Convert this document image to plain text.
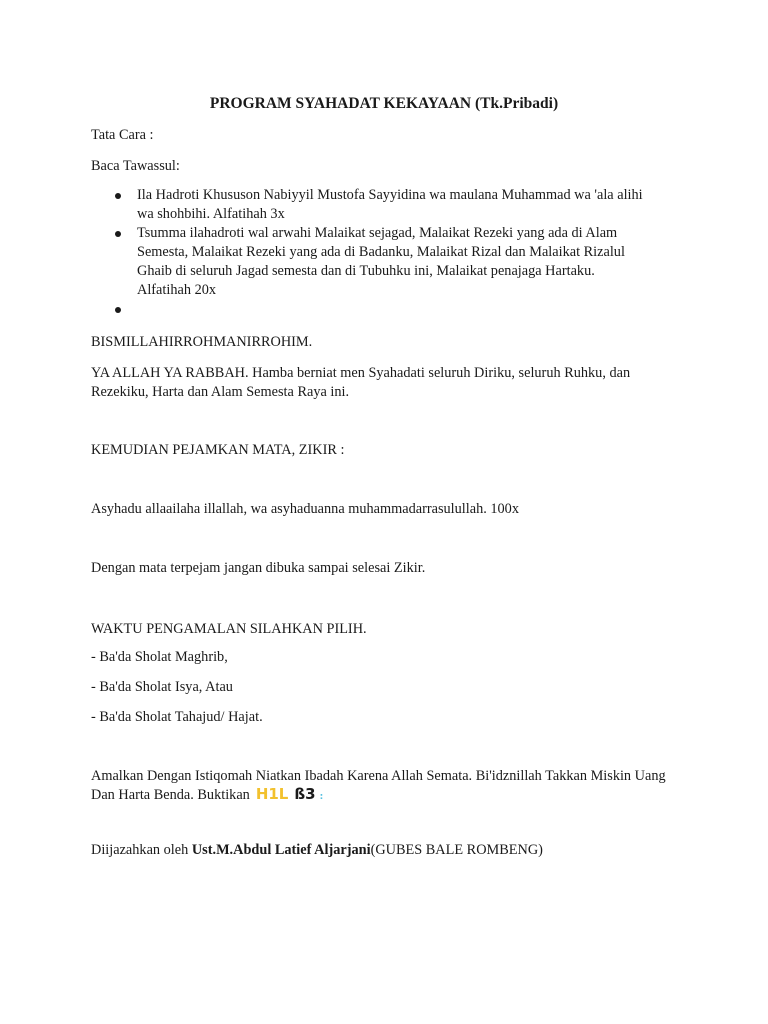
PROGRAM SYAHADAT KEKAYAAN (Tk.Pribadi)

Tata Cara :

Baca Tawassul:

Ila Hadroti Khususon Nabiyyil Mustofa Sayyidina wa maulana Muhammad wa 'ala alihi wa shohbihi. Alfatihah 3x
Tsumma ilahadroti wal arwahi Malaikat sejagad, Malaikat Rezeki yang ada di Alam Semesta, Malaikat Rezeki yang ada di Badanku, Malaikat Rizal dan Malaikat Rizalul Ghaib di seluruh Jagad semesta dan di Tubuhku ini, Malaikat penajaga Hartaku. Alfatihah 20x

BISMILLAHIRROHMANIRROHIM.

YA ALLAH YA RABBAH. Hamba berniat men Syahadati seluruh Diriku, seluruh Ruhku, dan Rezekiku, Harta dan Alam Semesta Raya ini.

KEMUDIAN PEJAMKAN MATA, ZIKIR :

Asyhadu allaailaha illallah, wa asyhaduanna muhammadarrasulullah. 100x

Dengan mata terpejam jangan dibuka sampai selesai Zikir.

WAKTU PENGAMALAN SILAHKAN PILIH.

- Ba'da Sholat Maghrib,

- Ba'da Sholat Isya, Atau

- Ba'da Sholat Tahajud/ Hajat.

Amalkan Dengan Istiqomah Niatkan Ibadah Karena Allah Semata. Bi'idznillah Takkan Miskin Uang Dan Harta Benda. Buktikan H1L ß3 :

Diijazahkan oleh Ust.M.Abdul Latief Aljarjani(GUBES BALE ROMBENG)
